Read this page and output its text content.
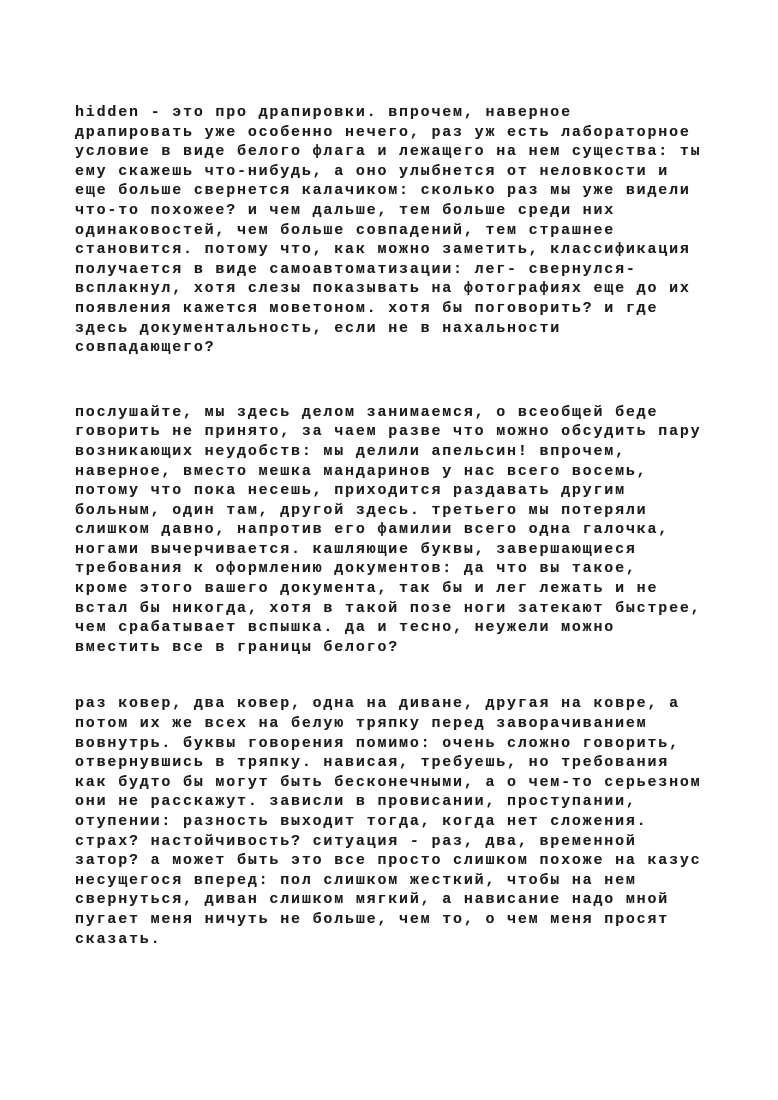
hidden - это про драпировки. впрочем, наверное
драпировать уже особенно нечего, раз уж есть лабораторное
условие в виде белого флага и лежащего на нем существа: ты
ему скажешь что-нибудь, а оно улыбнется от неловкости и
еще больше свернется калачиком: сколько раз мы уже видели
что-то похожее? и чем дальше, тем больше среди них
одинаковостей, чем больше совпадений, тем страшнее
становится. потому что, как можно заметить, классификация
получается в виде самоавтоматизации: лег- свернулся-
всплакнул, хотя слезы показывать на фотографиях еще до их
появления кажется моветоном. хотя бы поговорить? и где
здесь документальность, если не в нахальности
совпадающего?
послушайте, мы здесь делом занимаемся, о всеобщей беде
говорить не принято, за чаем разве что можно обсудить пару
возникающих неудобств: мы делили апельсин! впрочем,
наверное, вместо мешка мандаринов у нас всего восемь,
потому что пока несешь, приходится раздавать другим
больным, один там, другой здесь. третьего мы потеряли
слишком давно, напротив его фамилии всего одна галочка,
ногами вычерчивается. кашляющие буквы, завершающиеся
требования к оформлению документов: да что вы такое,
кроме этого вашего документа, так бы и лег лежать и не
встал бы никогда, хотя в такой позе ноги затекают быстрее,
чем срабатывает вспышка. да и тесно, неужели можно
вместить все в границы белого?
раз ковер, два ковер, одна на диване, другая на ковре, а
потом их же всех на белую тряпку перед заворачиванием
вовнутрь. буквы говорения помимо: очень сложно говорить,
отвернувшись в тряпку. нависая, требуешь, но требования
как будто бы могут быть бесконечными, а о чем-то серьезном
они не расскажут. зависли в провисании, проступании,
отупении: разность выходит тогда, когда нет сложения.
страх? настойчивость? ситуация - раз, два, временной
затор? а может быть это все просто слишком похоже на казус
несущегося вперед: пол слишком жесткий, чтобы на нем
свернуться, диван слишком мягкий, а нависание надо мной
пугает меня ничуть не больше, чем то, о чем меня просят
сказать.
